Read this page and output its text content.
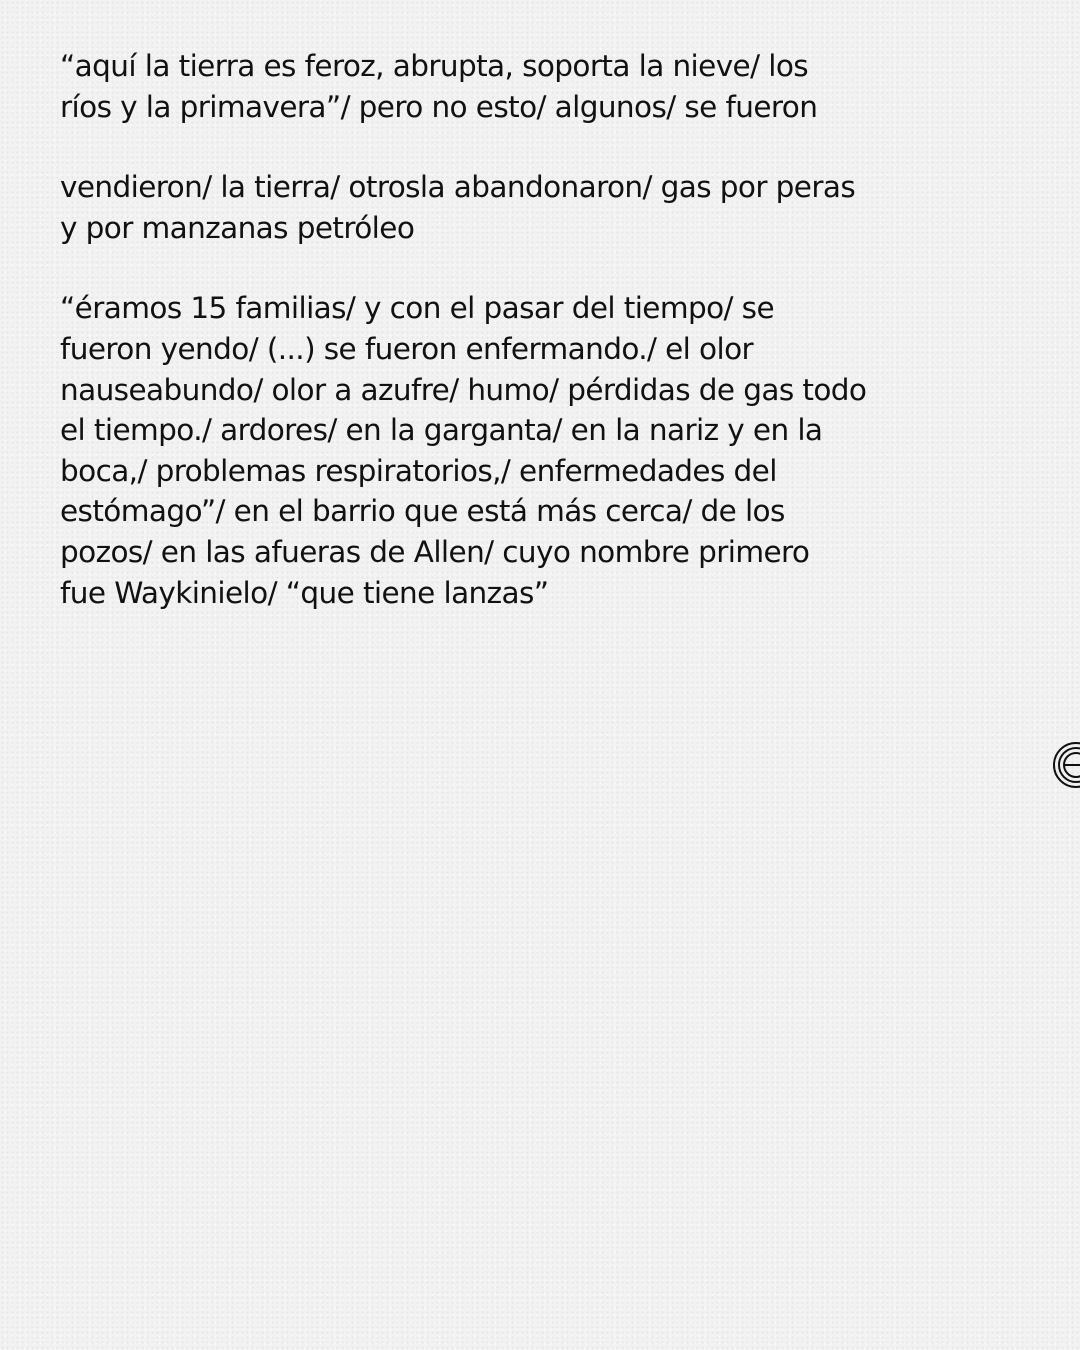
“aquí la tierra es feroz, abrupta, soporta la nieve/ los
ríos y la primavera”/ pero no esto/ algunos/ se fueron

vendieron/ la tierra/ otrosla abandonaron/ gas por peras
y por manzanas petróleo

“éramos 15 familias/ y con el pasar del tiempo/ se
fueron yendo/ (...) se fueron enfermando./ el olor
nauseabundo/ olor a azufre/ humo/ pérdidas de gas todo
el tiempo./ ardores/ en la garganta/ en la nariz y en la
boca,/ problemas respiratorios,/ enfermedades del
estómago”/ en el barrio que está más cerca/ de los
pozos/ en las afueras de Allen/ cuyo nombre primero
fue Waykinielo/ “que tiene lanzas”
